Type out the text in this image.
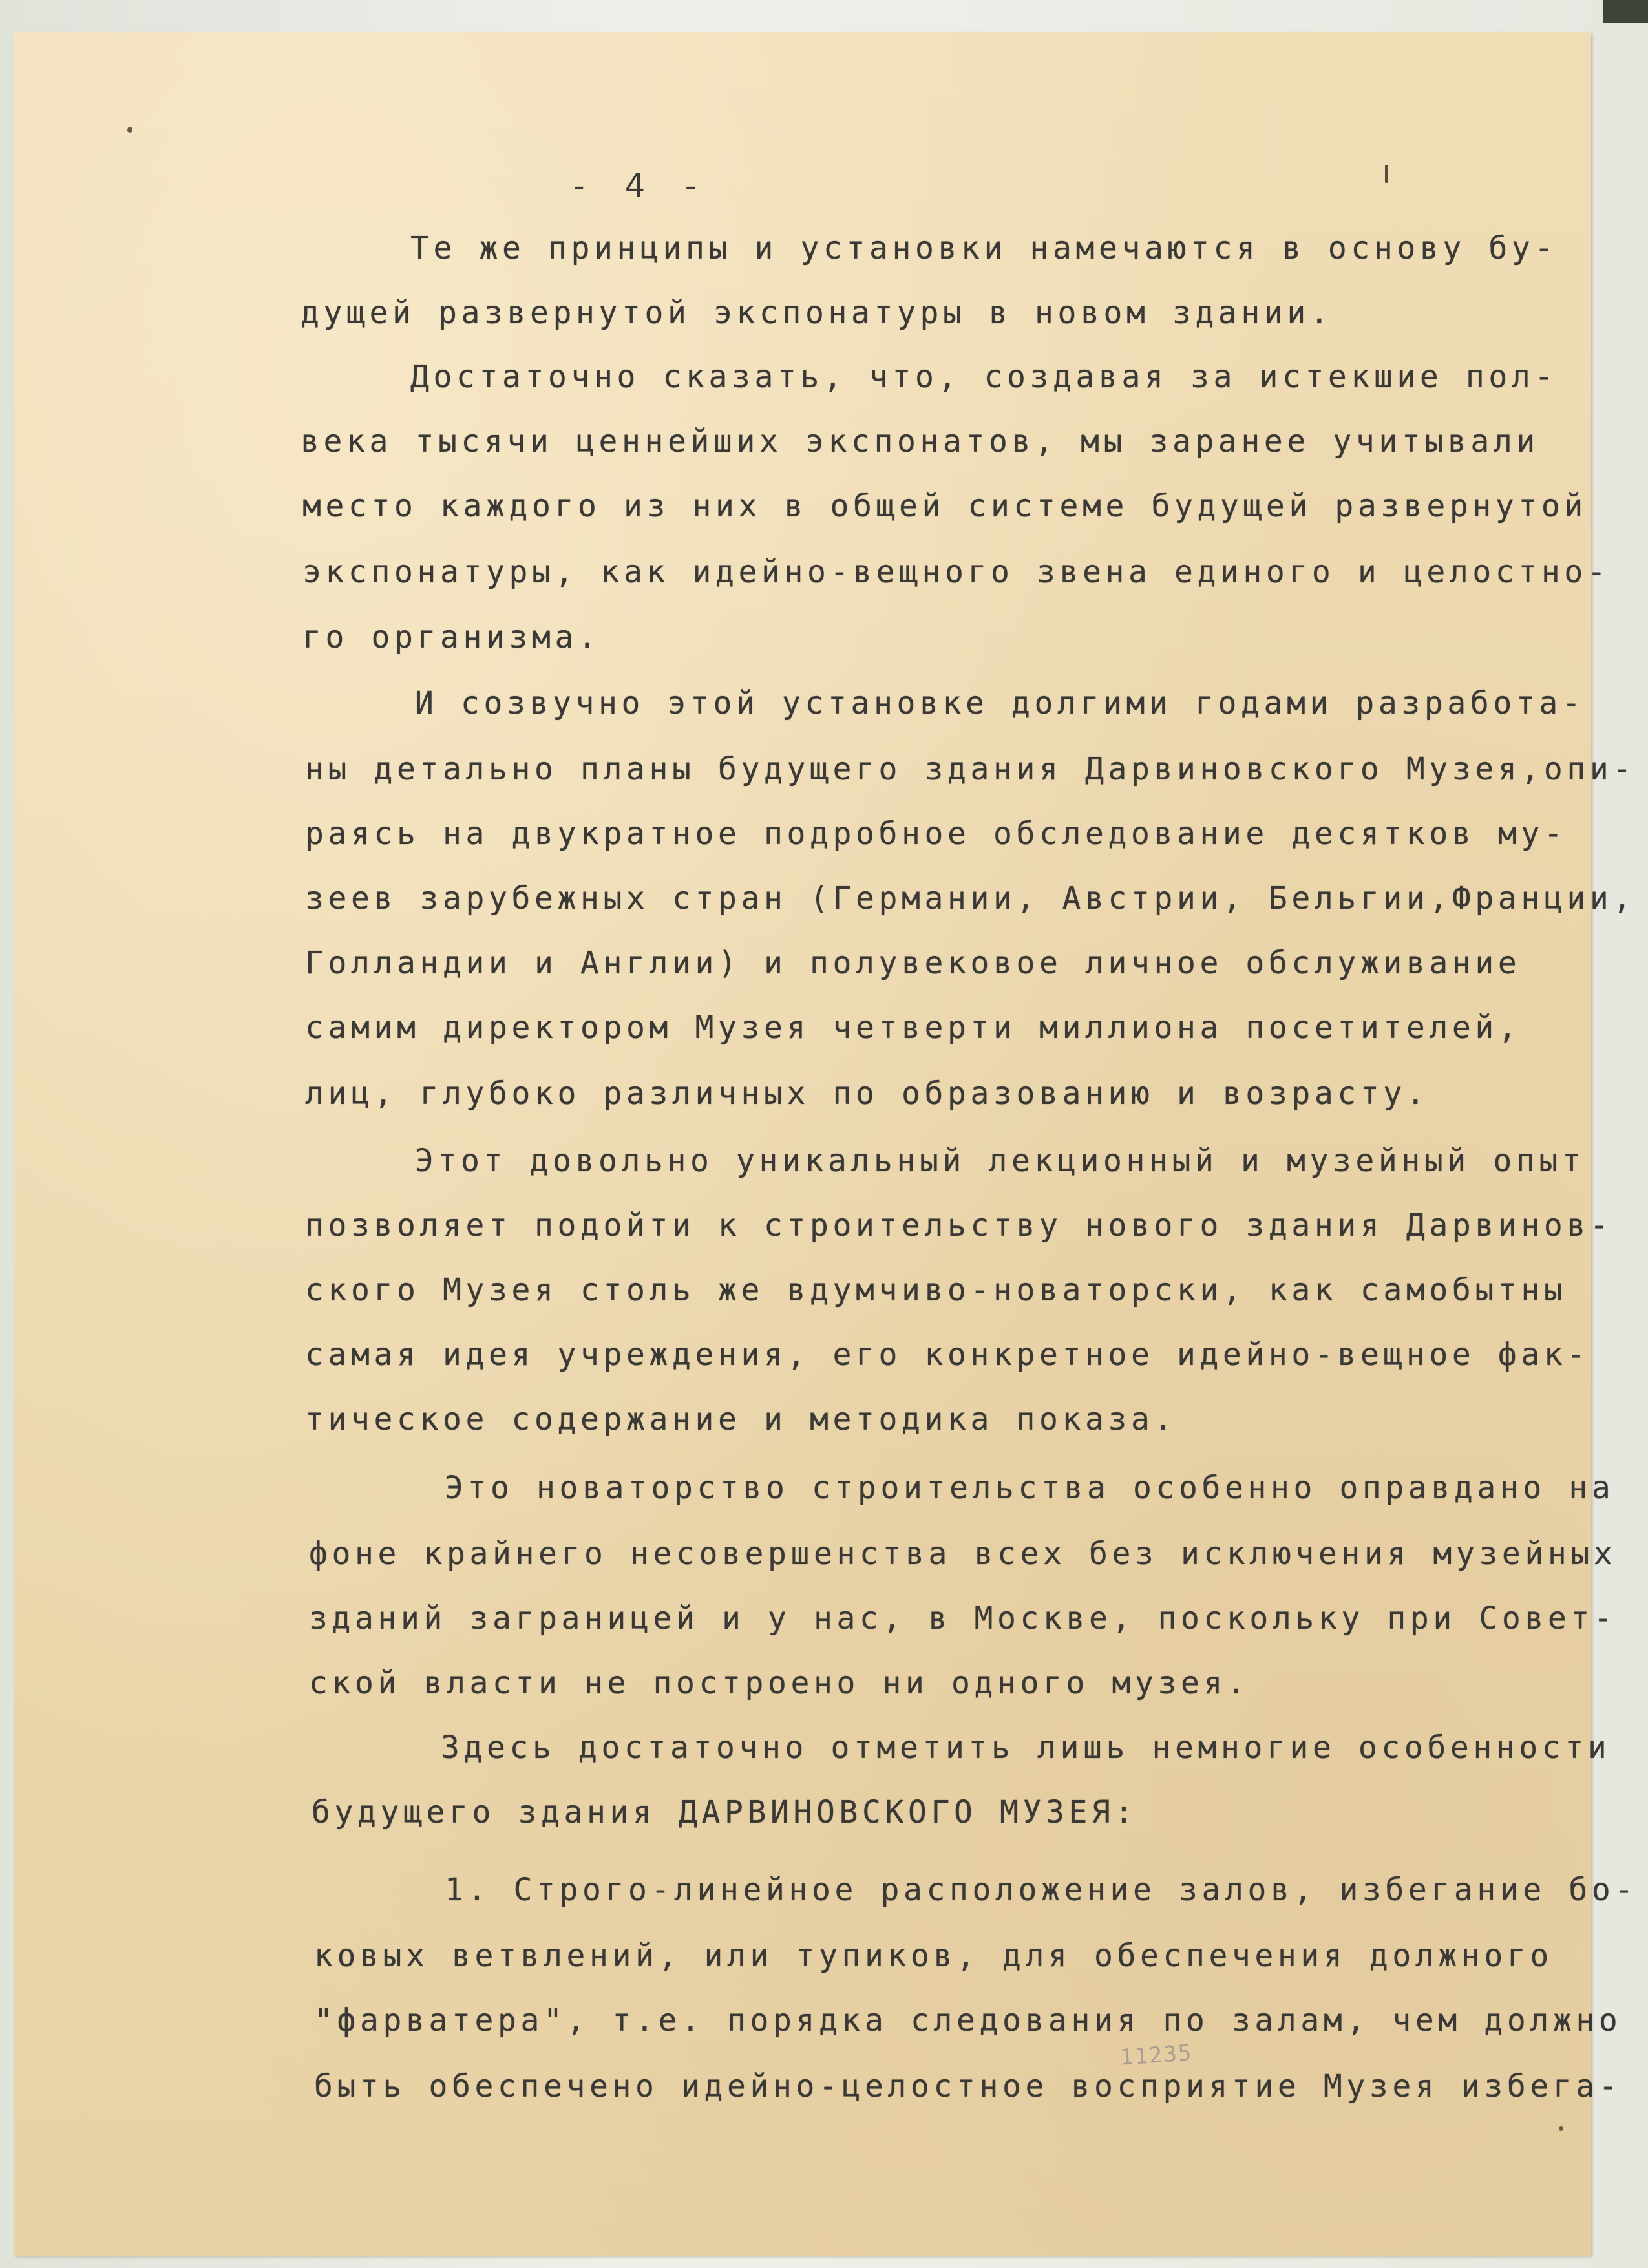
- 4 -
Те же принципы и установки намечаются в основу бу-
дущей развернутой экспонатуры в новом здании.
Достаточно сказать, что, создавая за истекшие пол-
века тысячи ценнейших экспонатов, мы заранее учитывали
место каждого из них в общей системе будущей развернутой
экспонатуры, как идейно-вещного звена единого и целостно-
го организма.
И созвучно этой установке долгими годами разработа-
ны детально планы будущего здания Дарвиновского Музея,опи-
раясь на двукратное подробное обследование десятков му-
зеев зарубежных стран (Германии, Австрии, Бельгии,Франции,
Голландии и Англии) и полувековое личное обслуживание
самим директором Музея четверти миллиона посетителей,
лиц, глубоко различных по образованию и возрасту.
Этот довольно уникальный лекционный и музейный опыт
позволяет подойти к строительству нового здания Дарвинов-
ского Музея столь же вдумчиво-новаторски, как самобытны
самая идея учреждения, его конкретное идейно-вещное фак-
тическое содержание и методика показа.
Это новаторство строительства особенно оправдано на
фоне крайнего несовершенства всех без исключения музейных
зданий заграницей и у нас, в Москве, поскольку при Совет-
ской власти не построено ни одного музея.
Здесь достаточно отметить лишь немногие особенности
будущего здания ДАРВИНОВСКОГО МУЗЕЯ:
1. Строго-линейное расположение залов, избегание бо-
ковых ветвлений, или тупиков, для обеспечения должного
"фарватера", т.е. порядка следования по залам, чем должно
быть обеспечено идейно-целостное восприятие Музея избега-
11235
